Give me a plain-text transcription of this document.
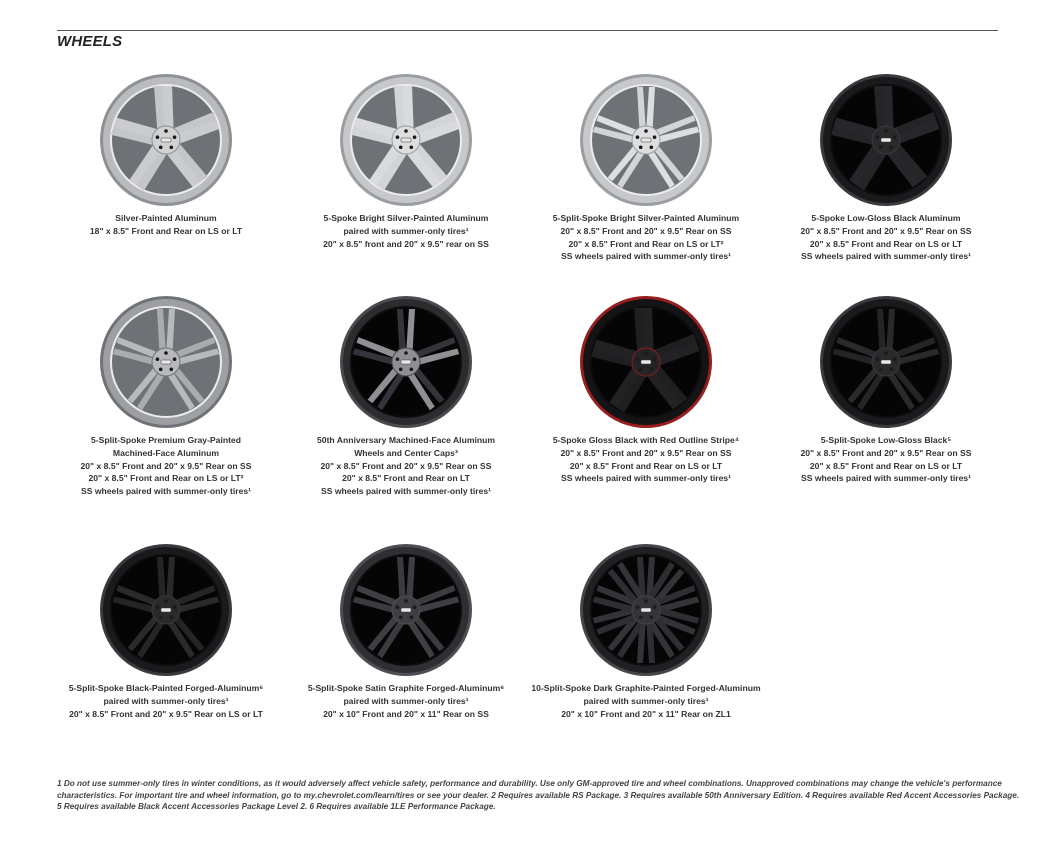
WHEELS
Silver-Painted Aluminum
18" x 8.5" Front and Rear on LS or LT
5-Spoke Bright Silver-Painted Aluminum
paired with summer-only tires¹
20" x 8.5" front and 20" x 9.5" rear on SS
5-Split-Spoke Bright Silver-Painted Aluminum
20" x 8.5" Front and 20" x 9.5" Rear on SS
20" x 8.5" Front and Rear on LS or LT²
SS wheels paired with summer-only tires¹
5-Spoke Low-Gloss Black Aluminum
20" x 8.5" Front and 20" x 9.5" Rear on SS
20" x 8.5" Front and Rear on LS or LT
SS wheels paired with summer-only tires¹
5-Split-Spoke Premium Gray-Painted
Machined-Face Aluminum
20" x 8.5" Front and 20" x 9.5" Rear on SS
20" x 8.5" Front and Rear on LS or LT²
SS wheels paired with summer-only tires¹
50th Anniversary Machined-Face Aluminum
Wheels and Center Caps³
20" x 8.5" Front and 20" x 9.5" Rear on SS
20" x 8.5" Front and Rear on LT
SS wheels paired with summer-only tires¹
5-Spoke Gloss Black with Red Outline Stripe⁴
20" x 8.5" Front and 20" x 9.5" Rear on SS
20" x 8.5" Front and Rear on LS or LT
SS wheels paired with summer-only tires¹
5-Split-Spoke Low-Gloss Black⁵
20" x 8.5" Front and 20" x 9.5" Rear on SS
20" x 8.5" Front and Rear on LS or LT
SS wheels paired with summer-only tires¹
5-Split-Spoke Black-Painted Forged-Aluminum⁶
paired with summer-only tires¹
20" x 8.5" Front and 20" x 9.5" Rear on LS or LT
5-Split-Spoke Satin Graphite Forged-Aluminum⁶
paired with summer-only tires¹
20" x 10" Front and 20" x 11" Rear on SS
10-Split-Spoke Dark Graphite-Painted Forged-Aluminum
paired with summer-only tires¹
20" x 10" Front and 20" x 11" Rear on ZL1
1 Do not use summer-only tires in winter conditions, as it would adversely affect vehicle safety, performance and durability. Use only GM-approved tire and wheel combinations. Unapproved combinations may change the vehicle's performance
characteristics. For important tire and wheel information, go to my.chevrolet.com/learn/tires or see your dealer. 2 Requires available RS Package. 3 Requires available 50th Anniversary Edition. 4 Requires available Red Accent Accessories Package.
5 Requires available Black Accent Accessories Package Level 2. 6 Requires available 1LE Performance Package.
